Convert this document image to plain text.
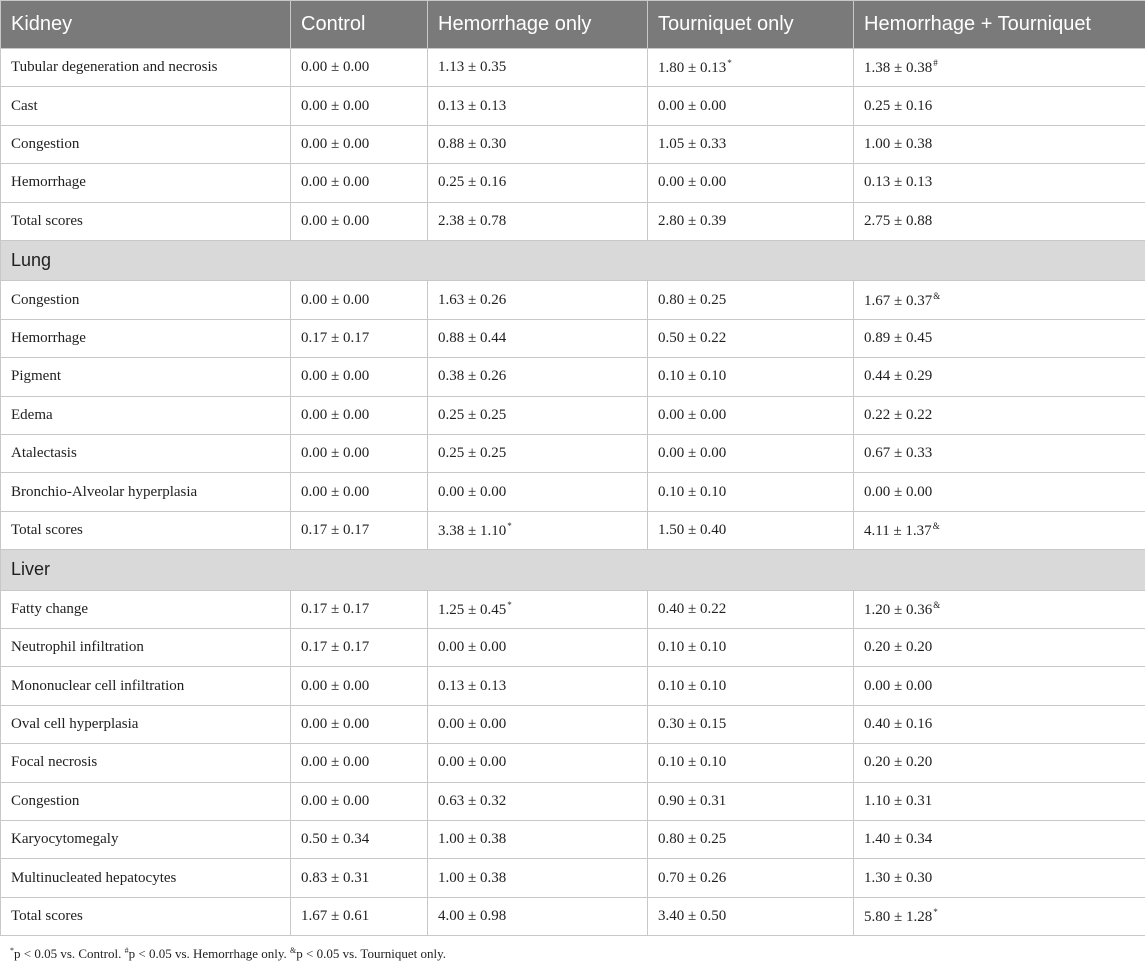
Kidney	Control	Hemorrhage only	Tourniquet only	Hemorrhage + Tourniquet
Tubular degeneration and necrosis	0.00 ± 0.00	1.13 ± 0.35	1.80 ± 0.13*	1.38 ± 0.38#
Cast	0.00 ± 0.00	0.13 ± 0.13	0.00 ± 0.00	0.25 ± 0.16
Congestion	0.00 ± 0.00	0.88 ± 0.30	1.05 ± 0.33	1.00 ± 0.38
Hemorrhage	0.00 ± 0.00	0.25 ± 0.16	0.00 ± 0.00	0.13 ± 0.13
Total scores	0.00 ± 0.00	2.38 ± 0.78	2.80 ± 0.39	2.75 ± 0.88
Lung				
Congestion	0.00 ± 0.00	1.63 ± 0.26	0.80 ± 0.25	1.67 ± 0.37&
Hemorrhage	0.17 ± 0.17	0.88 ± 0.44	0.50 ± 0.22	0.89 ± 0.45
Pigment	0.00 ± 0.00	0.38 ± 0.26	0.10 ± 0.10	0.44 ± 0.29
Edema	0.00 ± 0.00	0.25 ± 0.25	0.00 ± 0.00	0.22 ± 0.22
Atalectasis	0.00 ± 0.00	0.25 ± 0.25	0.00 ± 0.00	0.67 ± 0.33
Bronchio-Alveolar hyperplasia	0.00 ± 0.00	0.00 ± 0.00	0.10 ± 0.10	0.00 ± 0.00
Total scores	0.17 ± 0.17	3.38 ± 1.10*	1.50 ± 0.40	4.11 ± 1.37&
Liver				
Fatty change	0.17 ± 0.17	1.25 ± 0.45*	0.40 ± 0.22	1.20 ± 0.36&
Neutrophil infiltration	0.17 ± 0.17	0.00 ± 0.00	0.10 ± 0.10	0.20 ± 0.20
Mononuclear cell infiltration	0.00 ± 0.00	0.13 ± 0.13	0.10 ± 0.10	0.00 ± 0.00
Oval cell hyperplasia	0.00 ± 0.00	0.00 ± 0.00	0.30 ± 0.15	0.40 ± 0.16
Focal necrosis	0.00 ± 0.00	0.00 ± 0.00	0.10 ± 0.10	0.20 ± 0.20
Congestion	0.00 ± 0.00	0.63 ± 0.32	0.90 ± 0.31	1.10 ± 0.31
Karyocytomegaly	0.50 ± 0.34	1.00 ± 0.38	0.80 ± 0.25	1.40 ± 0.34
Multinucleated hepatocytes	0.83 ± 0.31	1.00 ± 0.38	0.70 ± 0.26	1.30 ± 0.30
Total scores	1.67 ± 0.61	4.00 ± 0.98	3.40 ± 0.50	5.80 ± 1.28*
*p < 0.05 vs. Control. #p < 0.05 vs. Hemorrhage only. &p < 0.05 vs. Tourniquet only.
